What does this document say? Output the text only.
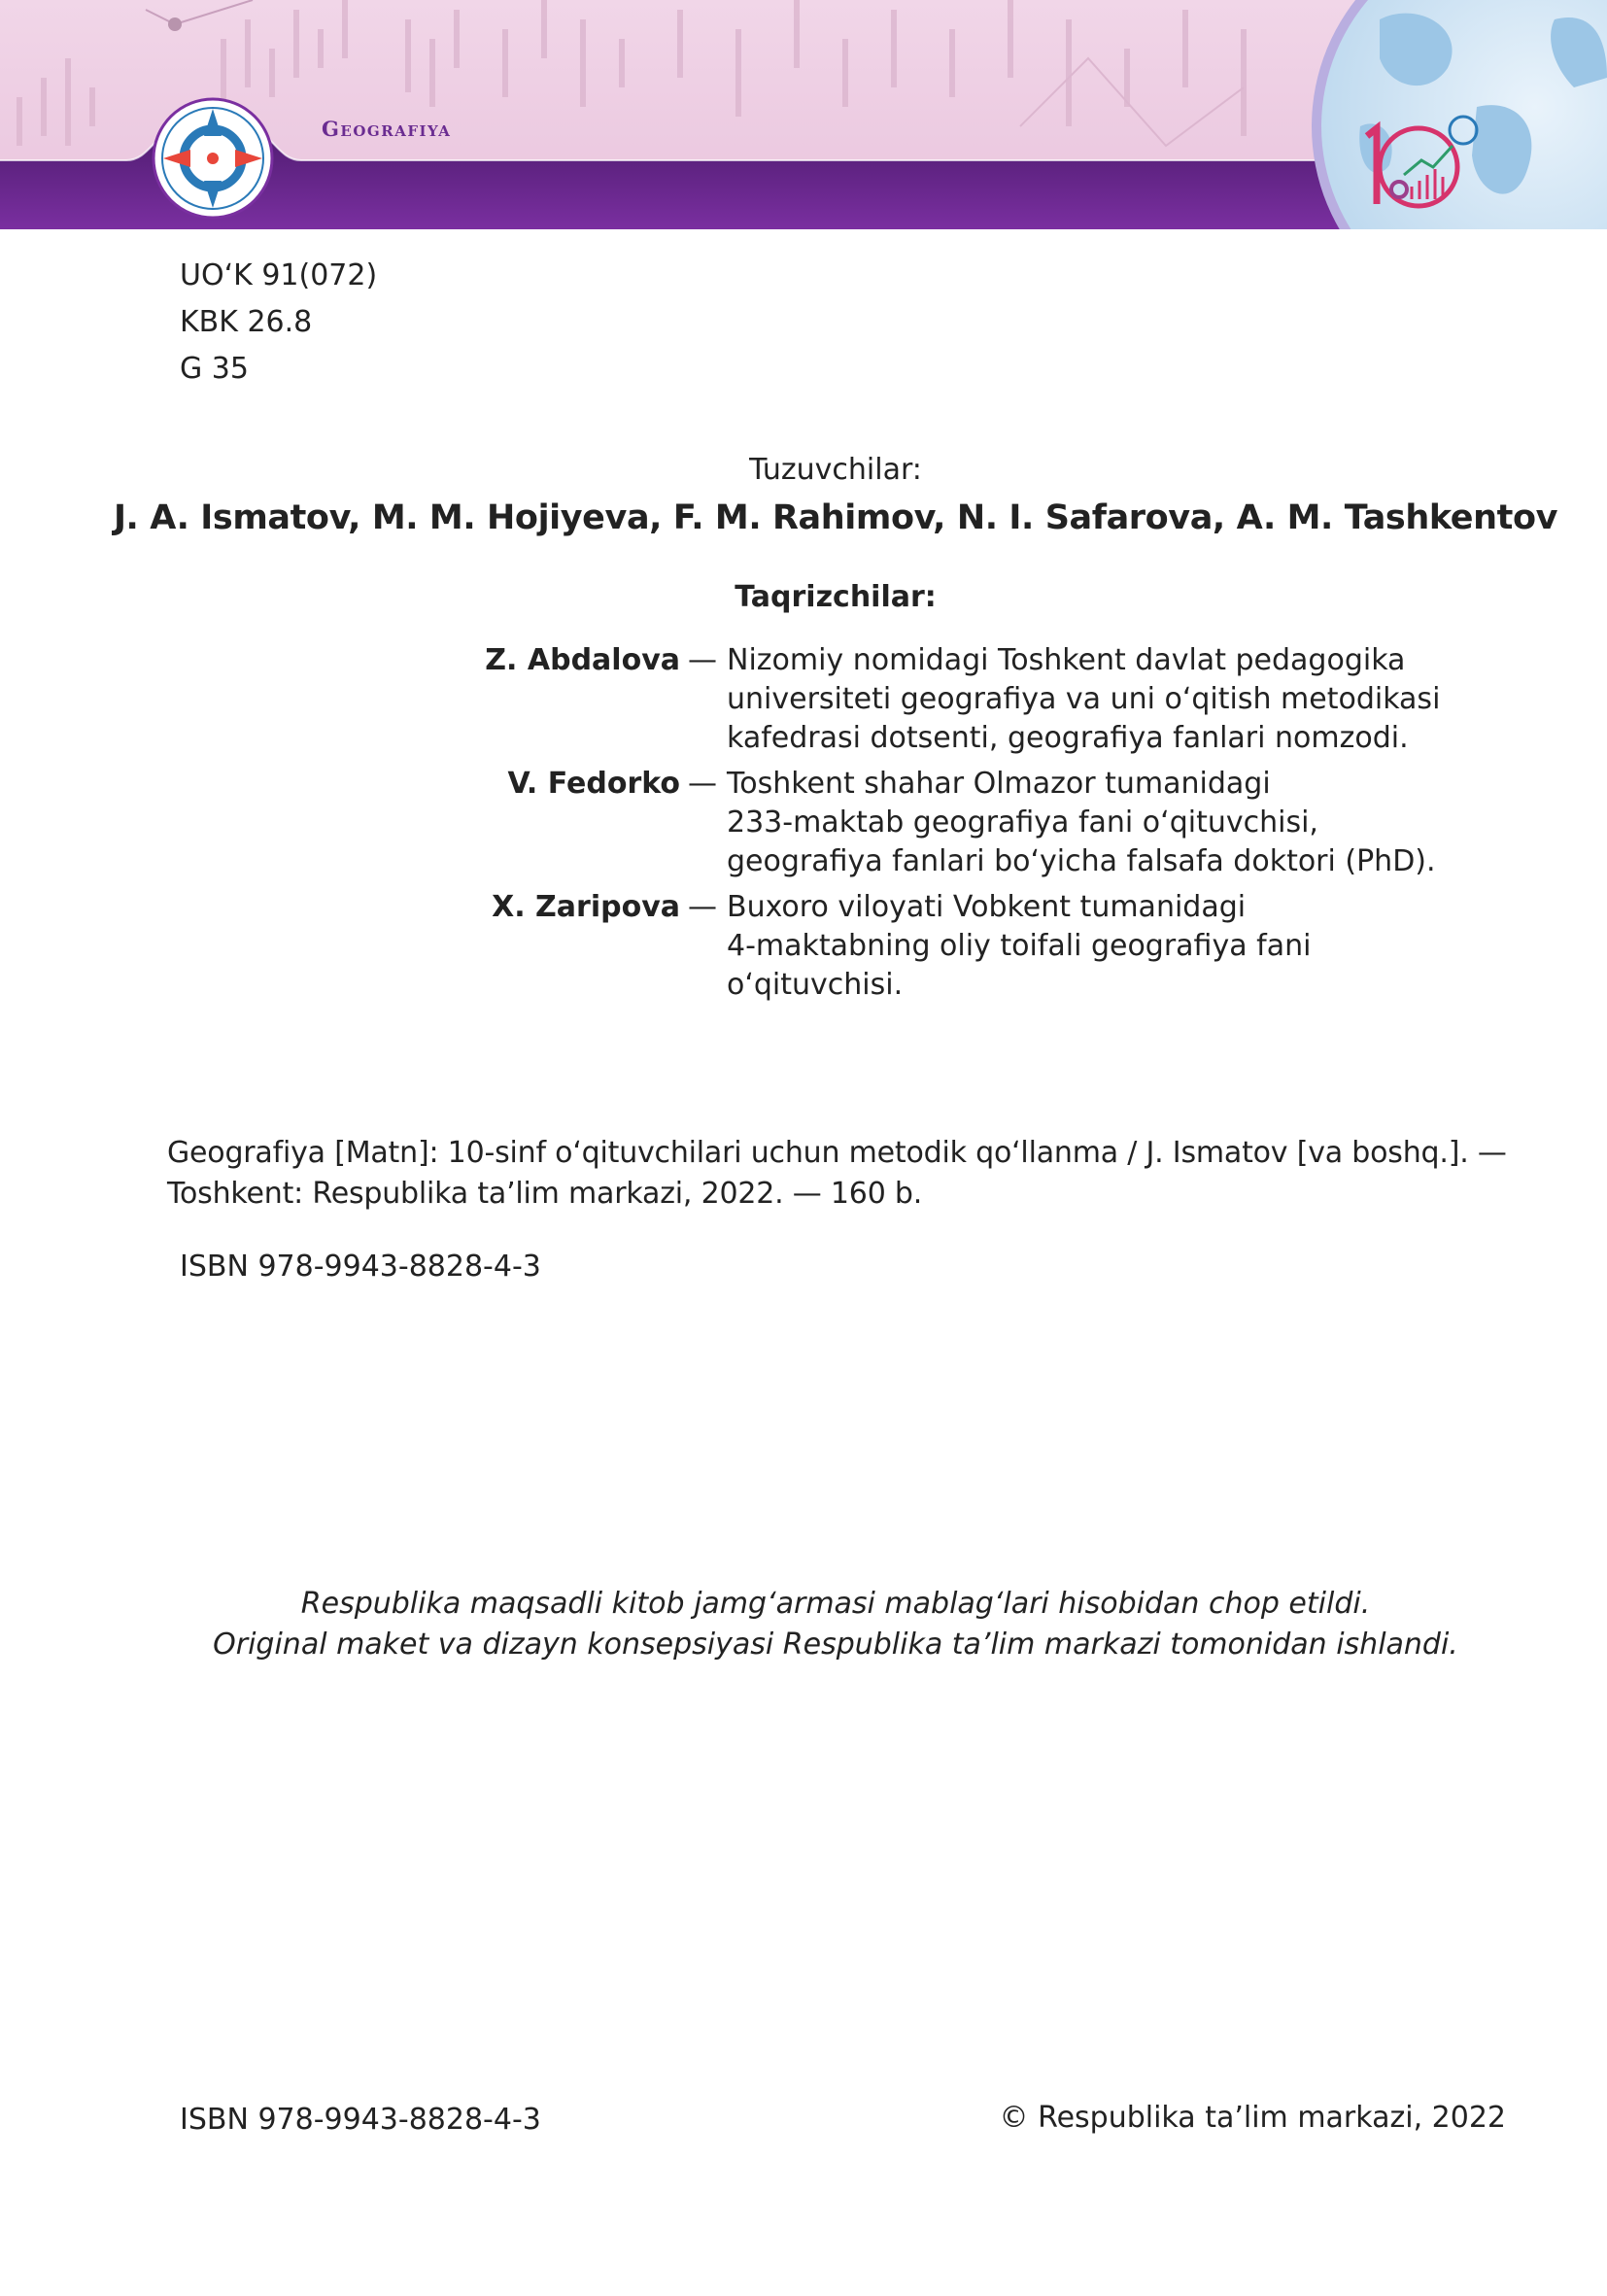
Geografiya
UO‘K 91(072)
KBK 26.8
G 35
Tuzuvchilar:
J. A. Ismatov, M. M. Hojiyeva, F. M. Rahimov, N. I. Safarova, A. M. Tashkentov
Taqrizchilar:
Z. Abdalova — Nizomiy nomidagi Toshkent davlat pedagogika
universiteti geografiya va uni o‘qitish metodikasi
kafedrasi dotsenti, geografiya fanlari nomzodi.
V. Fedorko — Toshkent shahar Olmazor tumanidagi
233-maktab geografiya fani o‘qituvchisi,
geografiya fanlari bo‘yicha falsafa doktori (PhD).
X. Zaripova — Buxoro viloyati Vobkent tumanidagi
4-maktabning oliy toifali geografiya fani
o‘qituvchisi.
Geografiya [Matn]: 10-sinf o‘qituvchilari uchun metodik qo‘llanma / J. Ismatov [va boshq.]. —
Toshkent: Respublika ta’lim markazi, 2022. — 160 b.
ISBN 978-9943-8828-4-3
Respublika maqsadli kitob jamg‘armasi mablag‘lari hisobidan chop etildi.
Original maket va dizayn konsepsiyasi Respublika ta’lim markazi tomonidan ishlandi.
ISBN 978-9943-8828-4-3	© Respublika ta’lim markazi, 2022
